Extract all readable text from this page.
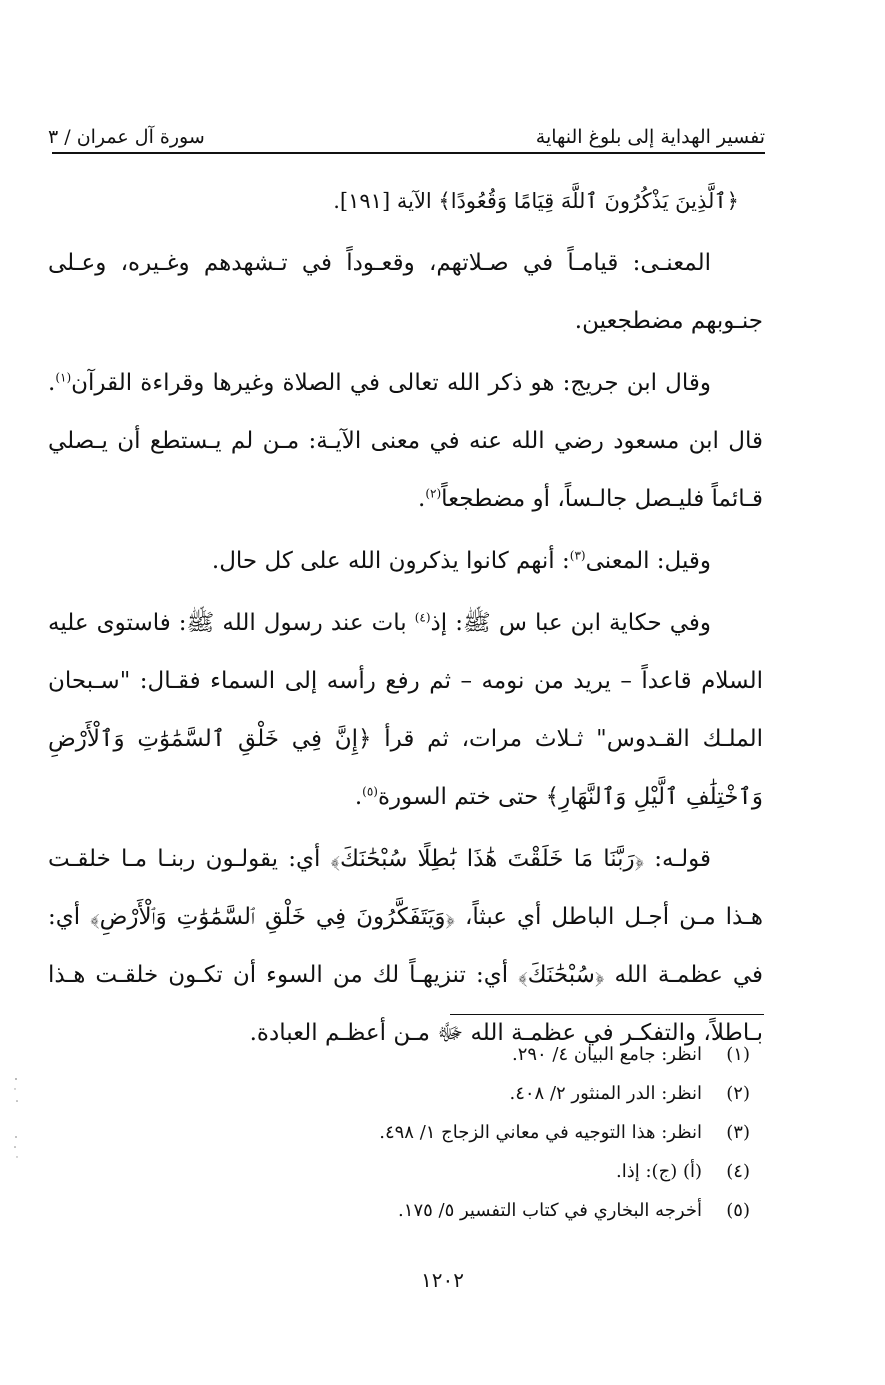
سورة آل عمران / ٣	تفسير الهداية إلى بلوغ النهاية

﴿ٱلَّذِينَ يَذْكُرُونَ ٱللَّهَ قِيَامًا وَقُعُودًا﴾ الآية [١٩١].

المعنـى: قيامـاً في صـلاتهم، وقعـوداً في تـشهدهم وغـيره، وعـلى جنـوبهم مضطجعين.

وقال ابن جريج: هو ذكر الله تعالى في الصلاة وغيرها وقراءة القرآن$^{(١)}$. قال ابن مسعود رضي الله عنه في معنى الآيـة: مـن لم يـستطع أن يـصلي قـائماً فليـصل جالـساً، أو مضطجعاً$^{(٢)}$.

وقيل: المعنى$^{(٣)}$: أنهم كانوا يذكرون الله على كل حال.

وفي حكاية ابن عبا س ﷺ: إذ$^{(٤)}$ بات عند رسول الله ﷺ: فاستوى عليه السلام قاعداً – يريد من نومه – ثم رفع رأسه إلى السماء فقـال: "سـبحان الملـك القـدوس" ثـلاث مرات، ثم قرأ ﴿إِنَّ فِي خَلْقِ ٱلسَّمَٰوَٰتِ وَٱلْأَرْضِ وَٱخْتِلَٰفِ ٱلَّيْلِ وَٱلنَّهَارِ﴾ حتى ختم السورة$^{(٥)}$.

قولـه: ﴿رَبَّنَا مَا خَلَقْتَ هَٰذَا بَٰطِلًا سُبْحَٰنَكَ﴾ أي: يقولـون ربنـا مـا خلقـت هـذا مـن أجـل الباطل أي عبثاً، ﴿وَيَتَفَكَّرُونَ فِي خَلْقِ ٱلسَّمَٰوَٰتِ وَٱلْأَرْضِ﴾ أي: في عظمـة الله ﴿سُبْحَٰنَكَ﴾ أي: تنزيهـاً لك من السوء أن تكـون خلقـت هـذا بـاطلاً، والتفكـر في عظمـة الله ﷻ مـن أعظـم العبادة.

(١)
انظر: جامع البيان ٤/ ٢٩٠.
(٢)
انظر: الدر المنثور ٢/ ٤٠٨.
(٣)
انظر: هذا التوجيه في معاني الزجاج ١/ ٤٩٨.
(٤)
(أ) (ج): إذا.
(٥)
أخرجه البخاري في كتاب التفسير ٥/ ١٧٥.
١٢٠٢
